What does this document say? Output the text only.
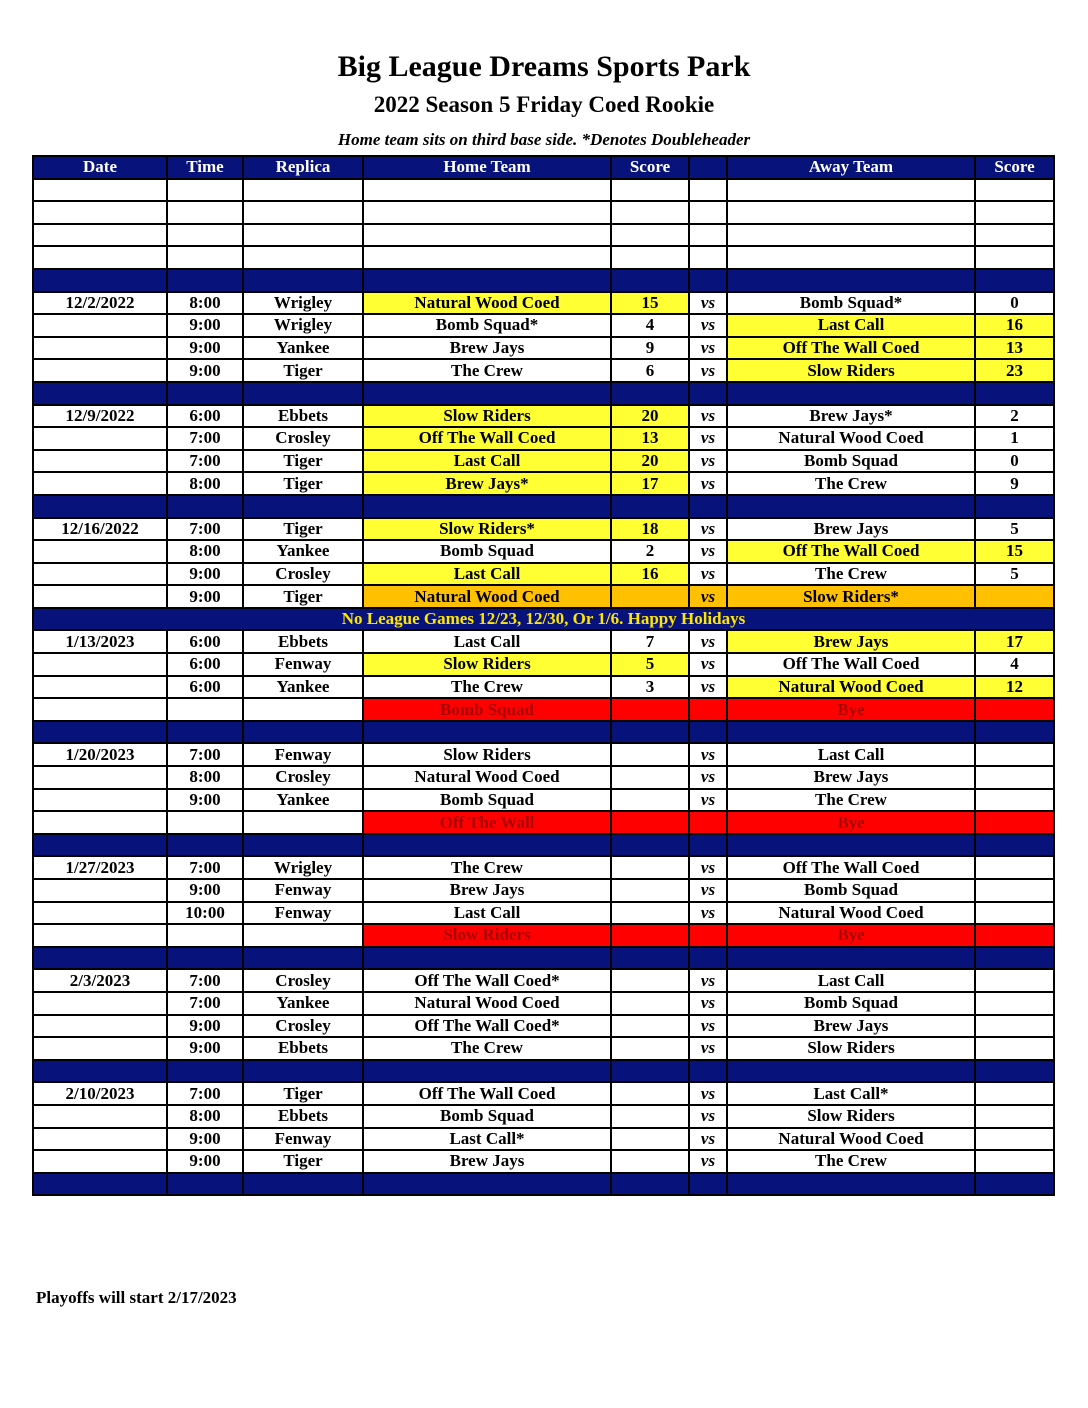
Big League Dreams Sports Park
2022 Season 5 Friday Coed Rookie
Home team sits on third base side. *Denotes Doubleheader
Date	Time	Replica	Home Team	Score		Away Team	Score

12/2/2022	8:00	Wrigley	Natural Wood Coed	15	vs	Bomb Squad*	0
	9:00	Wrigley	Bomb Squad*	4	vs	Last Call	16
	9:00	Yankee	Brew Jays	9	vs	Off The Wall Coed	13
	9:00	Tiger	The Crew	6	vs	Slow Riders	23

12/9/2022	6:00	Ebbets	Slow Riders	20	vs	Brew Jays*	2
	7:00	Crosley	Off The Wall Coed	13	vs	Natural Wood Coed	1
	7:00	Tiger	Last Call	20	vs	Bomb Squad	0
	8:00	Tiger	Brew Jays*	17	vs	The Crew	9

12/16/2022	7:00	Tiger	Slow Riders*	18	vs	Brew Jays	5
	8:00	Yankee	Bomb Squad	2	vs	Off The Wall Coed	15
	9:00	Crosley	Last Call	16	vs	The Crew	5
	9:00	Tiger	Natural Wood Coed		vs	Slow Riders*	
No League Games 12/23, 12/30, Or 1/6. Happy Holidays							
1/13/2023	6:00	Ebbets	Last Call	7	vs	Brew Jays	17
	6:00	Fenway	Slow Riders	5	vs	Off The Wall Coed	4
	6:00	Yankee	The Crew	3	vs	Natural Wood Coed	12
			Bomb Squad			Bye	

1/20/2023	7:00	Fenway	Slow Riders		vs	Last Call	
	8:00	Crosley	Natural Wood Coed		vs	Brew Jays	
	9:00	Yankee	Bomb Squad		vs	The Crew	
			Off The Wall			Bye	

1/27/2023	7:00	Wrigley	The Crew		vs	Off The Wall Coed	
	9:00	Fenway	Brew Jays		vs	Bomb Squad	
	10:00	Fenway	Last Call		vs	Natural Wood Coed	
			Slow Riders			Bye	

2/3/2023	7:00	Crosley	Off The Wall Coed*		vs	Last Call	
	7:00	Yankee	Natural Wood Coed		vs	Bomb Squad	
	9:00	Crosley	Off The Wall Coed*		vs	Brew Jays	
	9:00	Ebbets	The Crew		vs	Slow Riders	

2/10/2023	7:00	Tiger	Off The Wall Coed		vs	Last Call*	
	8:00	Ebbets	Bomb Squad		vs	Slow Riders	
	9:00	Fenway	Last Call*		vs	Natural Wood Coed	
	9:00	Tiger	Brew Jays		vs	The Crew	

Playoffs will start 2/17/2023
